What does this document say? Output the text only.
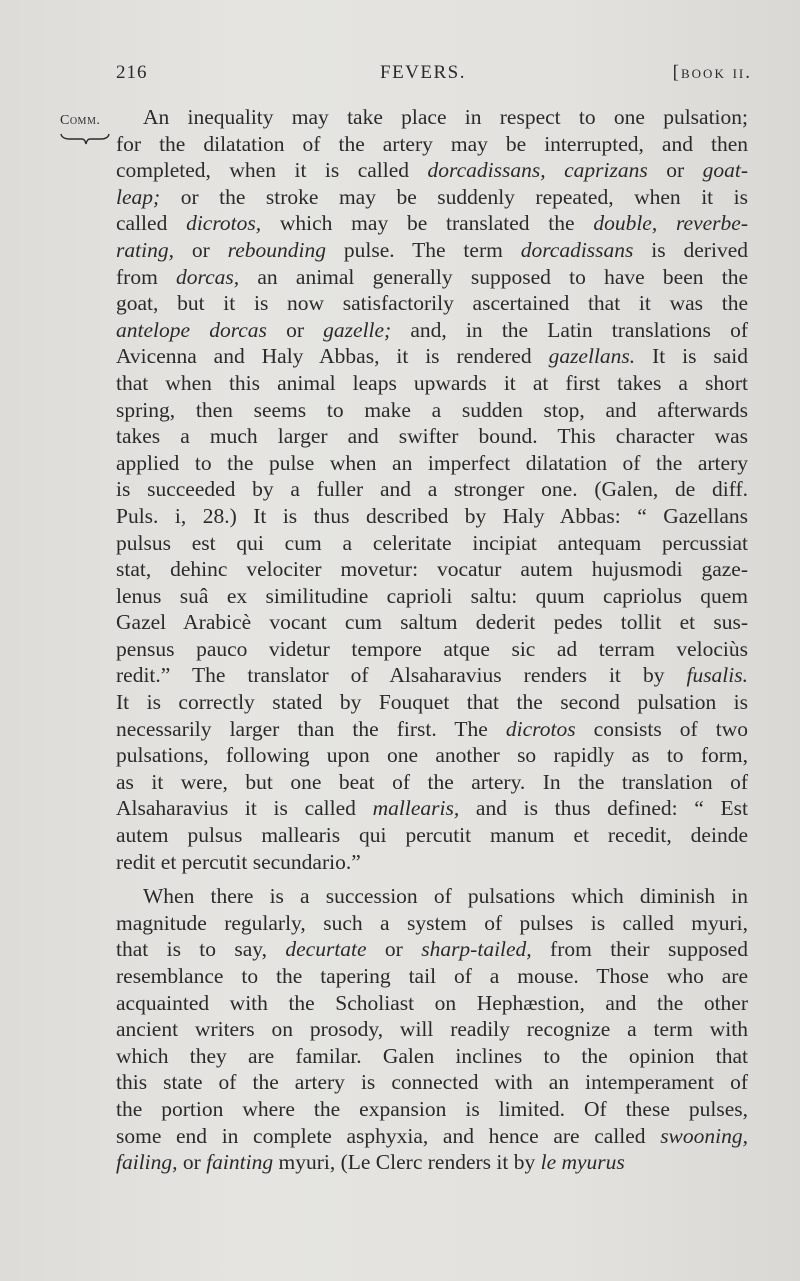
216	FEVERS.	[book ii.
Comm.	An inequality may take place in respect to one pulsation;
for the dilatation of the artery may be interrupted, and then
completed, when it is called dorcadissans, caprizans or goat-
leap; or the stroke may be suddenly repeated, when it is
called dicrotos, which may be translated the double, reverbe-
rating, or rebounding pulse. The term dorcadissans is derived
from dorcas, an animal generally supposed to have been the
goat, but it is now satisfactorily ascertained that it was the
antelope dorcas or gazelle; and, in the Latin translations of
Avicenna and Haly Abbas, it is rendered gazellans. It is said
that when this animal leaps upwards it at first takes a short
spring, then seems to make a sudden stop, and afterwards
takes a much larger and swifter bound. This character was
applied to the pulse when an imperfect dilatation of the artery
is succeeded by a fuller and a stronger one. (Galen, de diff.
Puls. i, 28.) It is thus described by Haly Abbas: “ Gazellans
pulsus est qui cum a celeritate incipiat antequam percussiat
stat, dehinc velociter movetur: vocatur autem hujusmodi gaze-
lenus suâ ex similitudine caprioli saltu: quum capriolus quem
Gazel Arabicè vocant cum saltum dederit pedes tollit et sus-
pensus pauco videtur tempore atque sic ad terram velociùs
redit.” The translator of Alsaharavius renders it by fusalis.
It is correctly stated by Fouquet that the second pulsation is
necessarily larger than the first. The dicrotos consists of two
pulsations, following upon one another so rapidly as to form,
as it were, but one beat of the artery. In the translation of
Alsaharavius it is called mallearis, and is thus defined: “ Est
autem pulsus mallearis qui percutit manum et recedit, deinde
redit et percutit secundario.”
When there is a succession of pulsations which diminish in
magnitude regularly, such a system of pulses is called myuri,
that is to say, decurtate or sharp-tailed, from their supposed
resemblance to the tapering tail of a mouse. Those who are
acquainted with the Scholiast on Hephæstion, and the other
ancient writers on prosody, will readily recognize a term with
which they are familar. Galen inclines to the opinion that
this state of the artery is connected with an intemperament of
the portion where the expansion is limited. Of these pulses,
some end in complete asphyxia, and hence are called swooning,
failing, or fainting myuri, (Le Clerc renders it by le myurus
